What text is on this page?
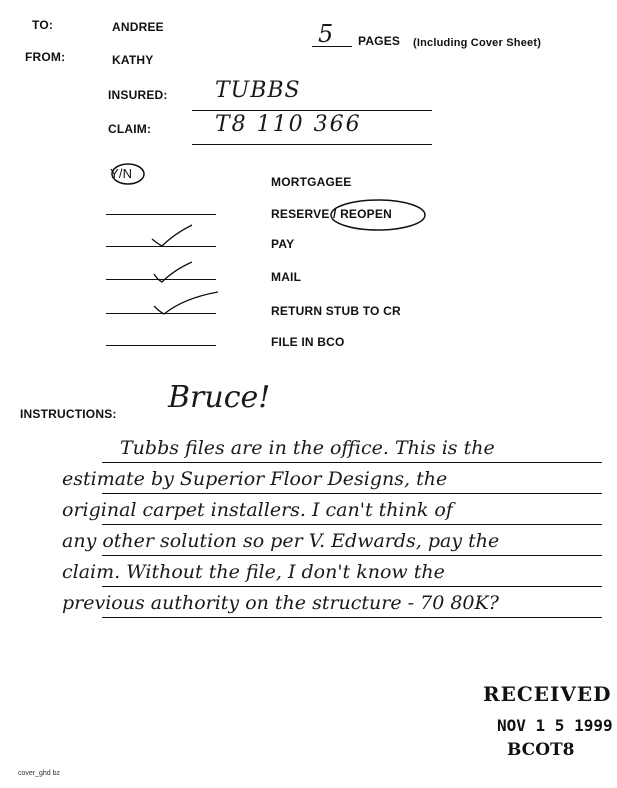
TO:	ANDREE	5 PAGES (Including Cover Sheet)
FROM:	KATHY
INSURED: TUBBS
CLAIM:	T8 110 366
Y/N
MORTGAGEE
RESERVE / REOPEN
PAY
MAIL
RETURN STUB TO CR
FILE IN BCO
INSTRUCTIONS: Bruce!
Tubbs files are in the office. This is the
estimate by Superior Floor Designs, the
original carpet installers. I can't think of
any other solution so per V. Edwards, pay the
claim. Without the file, I don't know the
previous authority on the structure - 70 80K?
RECEIVED
NOV 1 5 1999
BCOT8
cover_ghd bz
